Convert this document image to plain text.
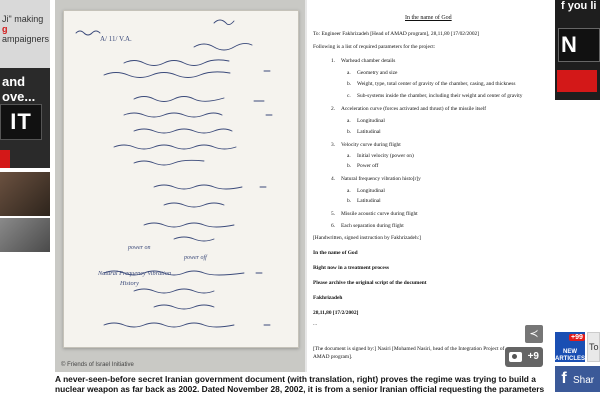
Ji" making
g
ampaigners
and
ove...
IT
A/ 11/ V.A.
power on
power off
Natural Frequency Vibration
History
© Friends of Israel Initiative
In the name of God
To: Engineer Fakhrizadeh [Head of AMAD program], 28,11,80 [17/02/2002]
Following is a list of required parameters for the project:
1. Warhead chamber details
a. Geometry and size
b. Weight, type, total center of gravity of the chamber, casing, and thickness
c. Sub-systems inside the chamber, including their weight and center of gravity
2. Acceleration curve (forces activated and thrust) of the missile itself
a. Longitudinal
b. Latitudinal
3. Velocity curve during flight
a. Initial velocity (power on)
b. Power off
4. Natural frequency vibration histo[r]y
a. Longitudinal
b. Latitudinal
5. Missile acoustic curve during flight
6. Each separation during flight
[Handwritten, signed instruction by Fakhrizadeh:]
In the name of God
Right now in a treatment process
Please archive the original script of the document
Fakhrizadeh
28,11,80 [17/2/2002]
...
[The document is signed by:] Nasiri [Mohamed Nasiri, head of the Integration Project of
AMAD program].
≺
+9
f you li
N
+99
NEW ARTICLES
To
f Shar
A never-seen-before secret Iranian government document (with translation, right) proves the regime was trying to build a nuclear weapon as far back as 2002. Dated November 28, 2002, it is from a senior Iranian official requesting the parameters
